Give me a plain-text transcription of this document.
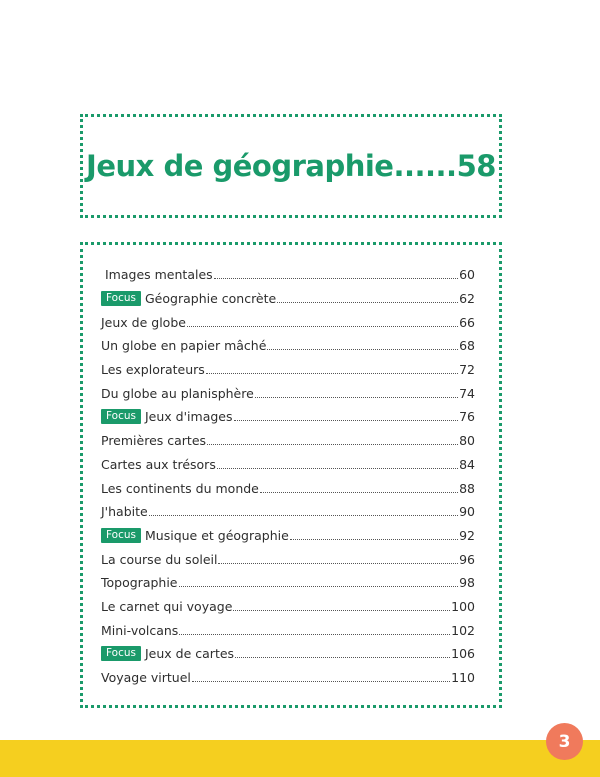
Jeux de géographie......58
Images mentales	60
Focus Géographie concrète	62
Jeux de globe	66
Un globe en papier mâché	68
Les explorateurs	72
Du globe au planisphère	74
Focus Jeux d'images	76
Premières cartes	80
Cartes aux trésors	84
Les continents du monde	88
J'habite	90
Focus Musique et géographie	92
La course du soleil	96
Topographie	98
Le carnet qui voyage	100
Mini-volcans	102
Focus Jeux de cartes	106
Voyage virtuel	110
3
